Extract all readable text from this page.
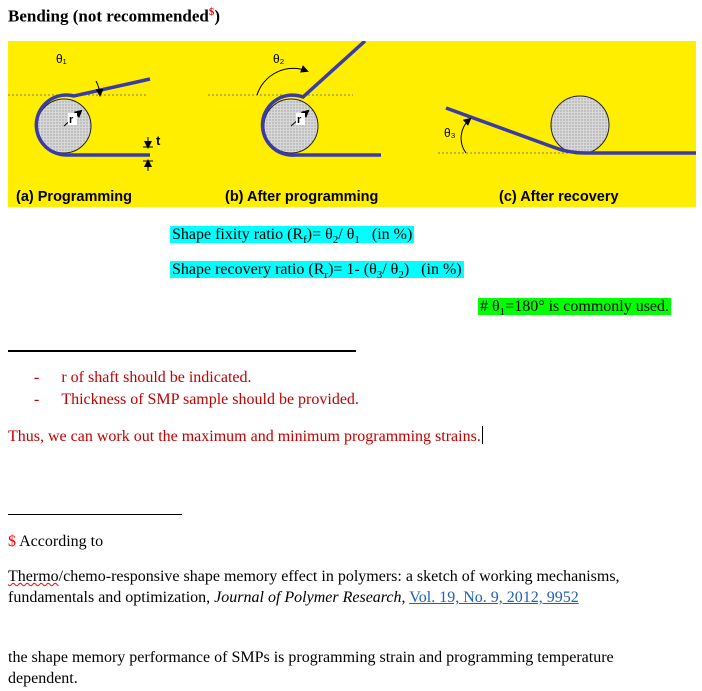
Bending (not recommended$)
θ₁
r
t
θ₂
r
θ₃
(a) Programming	(b) After programming	(c) After recovery
Shape fixity ratio $(R_f)= \theta_2/$ $\theta_1$   (in %)
Shape recovery ratio $(R_r)= 1-$ ($\theta_3/$ $\theta_2$)   (in %)
# $\theta_1=180^\circ$ is commonly used.
- r of shaft should be indicated.
- Thickness of SMP sample should be provided.
Thus, we can work out the maximum and minimum programming strains.
$ According to
Thermo/chemo-responsive shape memory effect in polymers: a sketch of working mechanisms, fundamentals and optimization, Journal of Polymer Research, Vol. 19, No. 9, 2012, 9952
the shape memory performance of SMPs is programming strain and programming temperature dependent.
